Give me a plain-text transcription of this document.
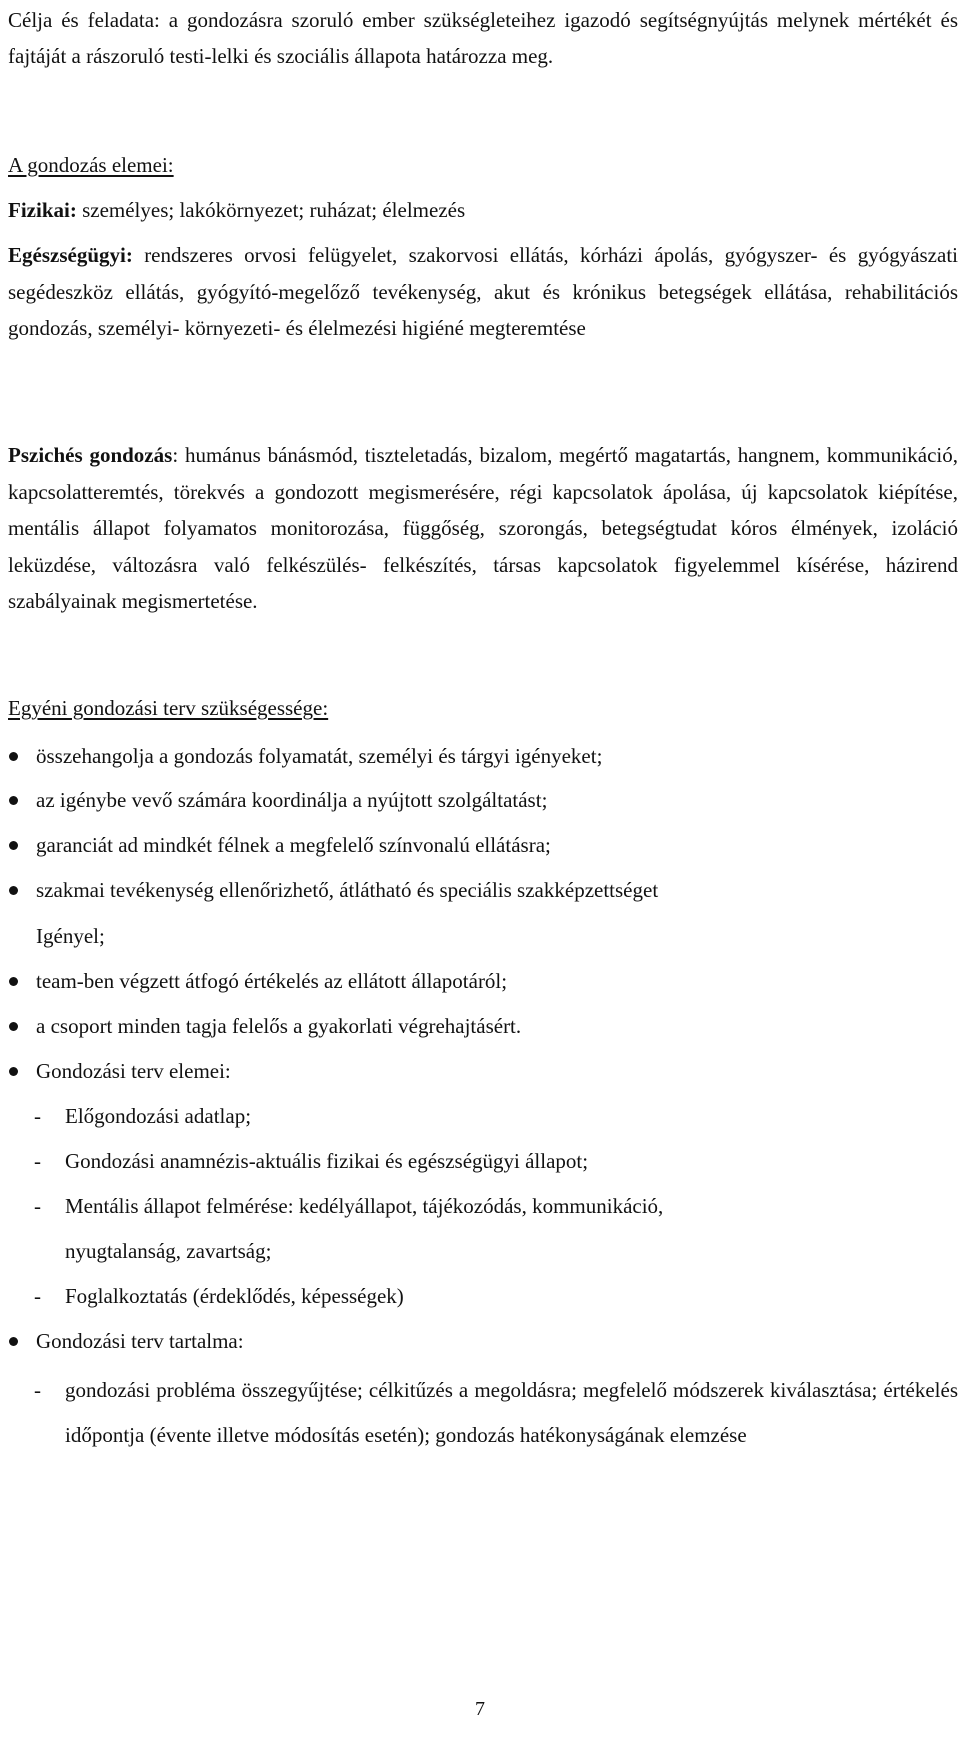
Célja és feladata: a gondozásra szoruló ember szükségleteihez igazodó segítségnyújtás melynek mértékét és fajtáját a rászoruló testi-lelki és szociális állapota határozza meg.

A gondozás elemei:

Fizikai: személyes; lakókörnyezet; ruházat; élelmezés

Egészségügyi: rendszeres orvosi felügyelet, szakorvosi ellátás, kórházi ápolás, gyógyszer- és gyógyászati segédeszköz ellátás, gyógyító-megelőző tevékenység, akut és krónikus betegségek ellátása, rehabilitációs gondozás, személyi- környezeti- és élelmezési higiéné megteremtése

Pszichés gondozás: humánus bánásmód, tiszteletadás, bizalom, megértő magatartás, hangnem, kommunikáció, kapcsolatteremtés, törekvés a gondozott megismerésére, régi kapcsolatok ápolása, új kapcsolatok kiépítése, mentális állapot folyamatos monitorozása, függőség, szorongás, betegségtudat kóros élmények, izoláció leküzdése, változásra való felkészülés- felkészítés, társas kapcsolatok figyelemmel kísérése, házirend szabályainak megismertetése.

Egyéni gondozási terv szükségessége:

összehangolja a gondozás folyamatát, személyi és tárgyi igényeket;
az igénybe vevő számára koordinálja a nyújtott szolgáltatást;
garanciát ad mindkét félnek a megfelelő színvonalú ellátásra;
szakmai tevékenység ellenőrizhető, átlátható és speciális szakképzettséget

Igényel;

team-ben végzett átfogó értékelés az ellátott állapotáról;
a csoport minden tagja felelős a gyakorlati végrehajtásért.
Gondozási terv elemei:

-	Előgondozási adatlap;

-	Gondozási anamnézis-aktuális fizikai és egészségügyi állapot;

-	Mentális állapot felmérése: kedélyállapot, tájékozódás, kommunikáció,

nyugtalanság, zavartság;

-	Foglalkoztatás (érdeklődés, képességek)

Gondozási terv tartalma:

-	gondozási probléma összegyűjtése; célkitűzés a megoldásra; megfelelő módszerek kiválasztása; értékelés időpontja (évente illetve módosítás esetén); gondozás hatékonyságának elemzése

7
